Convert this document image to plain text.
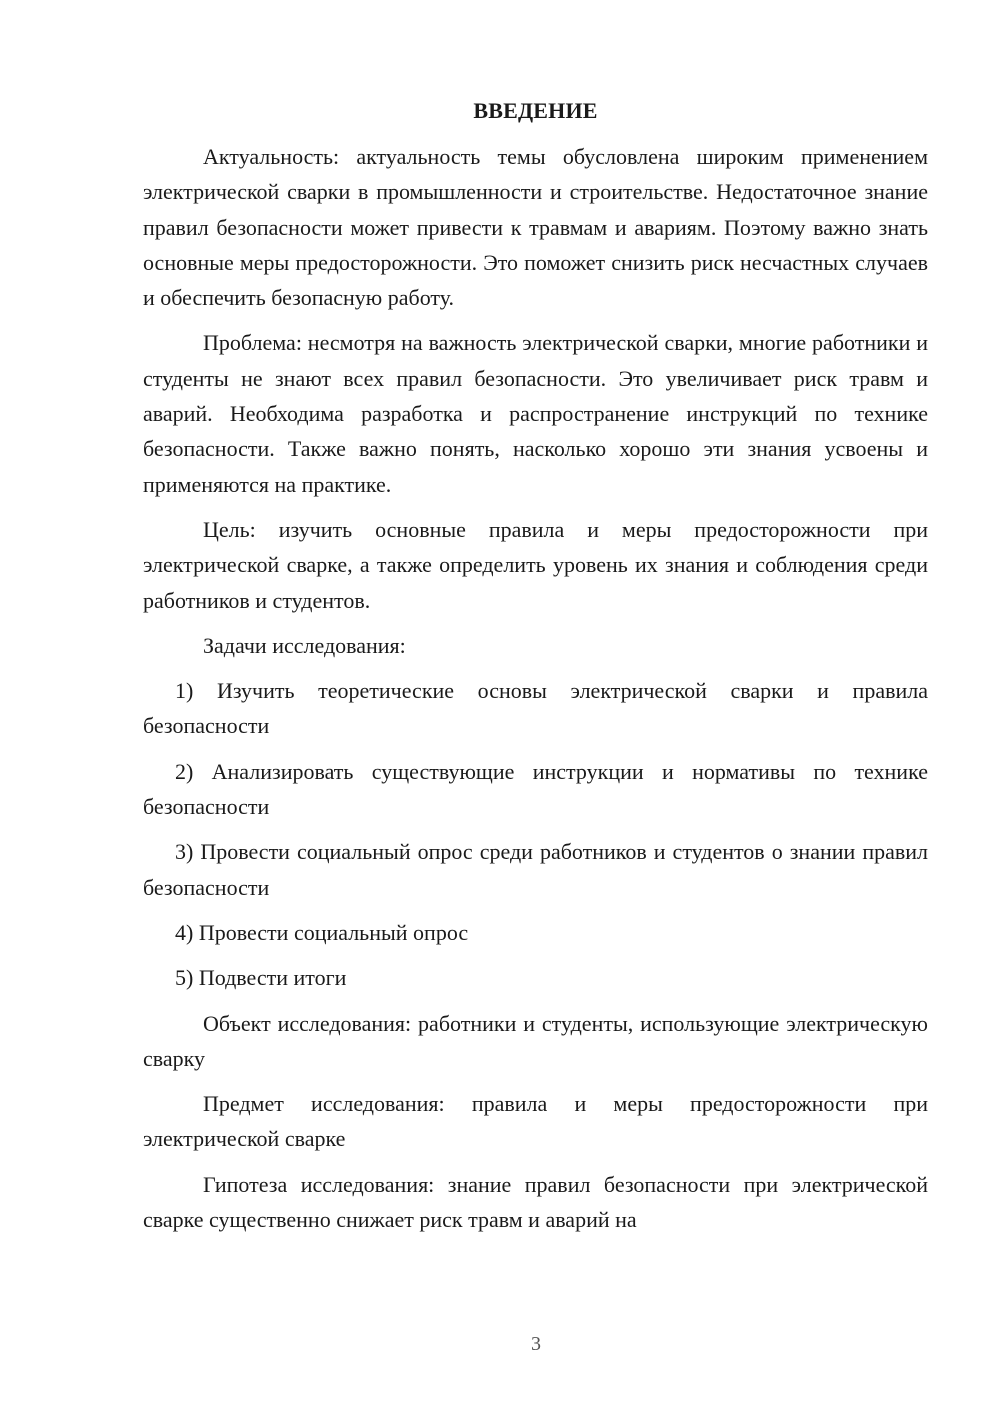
ВВЕДЕНИЕ

Актуальность: актуальность темы обусловлена широким применением электрической сварки в промышленности и строительстве. Недостаточное знание правил безопасности может привести к травмам и авариям. Поэтому важно знать основные меры предосторожности. Это поможет снизить риск несчастных случаев и обеспечить безопасную работу.

Проблема: несмотря на важность электрической сварки, многие работники и студенты не знают всех правил безопасности. Это увеличивает риск травм и аварий. Необходима разработка и распространение инструкций по технике безопасности. Также важно понять, насколько хорошо эти знания усвоены и применяются на практике.

Цель: изучить основные правила и меры предосторожности при электрической сварке, а также определить уровень их знания и соблюдения среди работников и студентов.

Задачи исследования:

1) Изучить теоретические основы электрической сварки и правила безопасности

2) Анализировать существующие инструкции и нормативы по технике безопасности

3) Провести социальный опрос среди работников и студентов о знании правил безопасности

4) Провести социальный опрос

5) Подвести итоги

Объект исследования: работники и студенты, использующие электрическую сварку

Предмет исследования: правила и меры предосторожности при электрической сварке

Гипотеза исследования: знание правил безопасности при электрической сварке существенно снижает риск травм и аварий на

3
